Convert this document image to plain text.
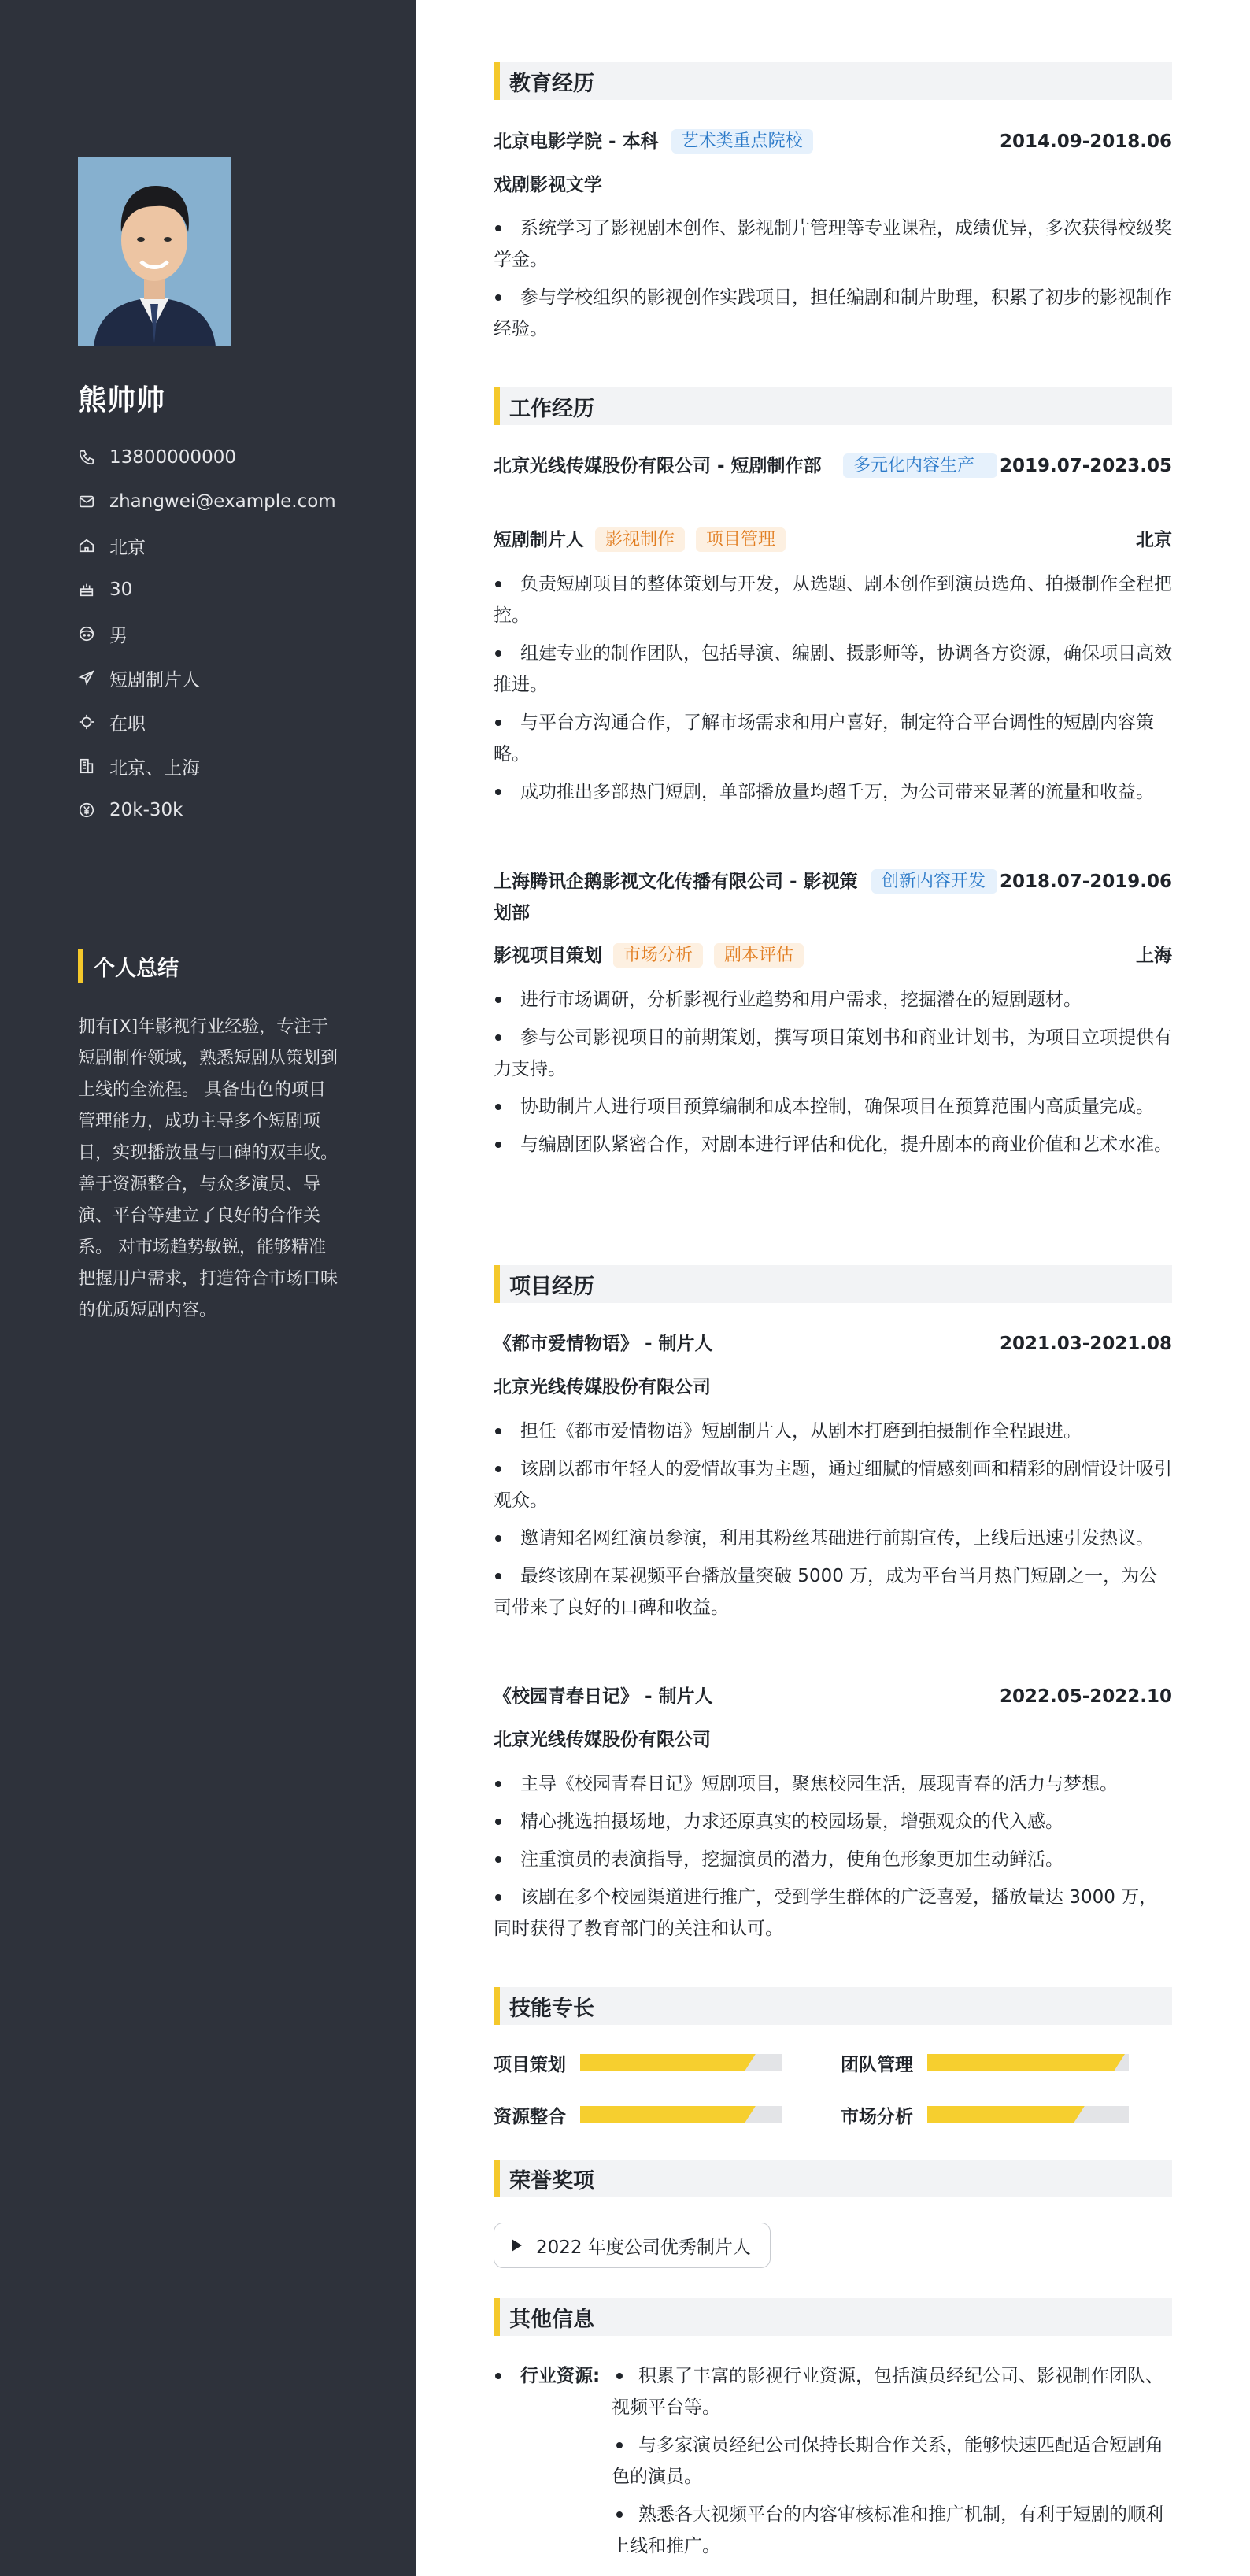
熊帅帅
13800000000
zhangwei@example.com
北京
30
男
短剧制片人
在职
北京、上海
20k-30k
个人总结

拥有[X]年影视行业经验，专注于短剧制作领域，熟悉短剧从策划到上线的全流程。 具备出色的项目管理能力，成功主导多个短剧项目，实现播放量与口碑的双丰收。 善于资源整合，与众多演员、导演、平台等建立了良好的合作关系。 对市场趋势敏锐，能够精准把握用户需求，打造符合市场口味的优质短剧内容。

教育经历
北京电影学院 - 本科	艺术类重点院校	2014.09-2018.06
戏剧影视文学
系统学习了影视剧本创作、影视制片管理等专业课程，成绩优异，多次获得校级奖学金。
参与学校组织的影视创作实践项目，担任编剧和制片助理，积累了初步的影视制作经验。
工作经历
北京光线传媒股份有限公司 - 短剧制作部	多元化内容生产	2019.07-2023.05
短剧制片人	影视制作	项目管理	北京
负责短剧项目的整体策划与开发，从选题、剧本创作到演员选角、拍摄制作全程把控。
组建专业的制作团队，包括导演、编剧、摄影师等，协调各方资源，确保项目高效推进。
与平台方沟通合作，了解市场需求和用户喜好，制定符合平台调性的短剧内容策略。
成功推出多部热门短剧，单部播放量均超千万，为公司带来显著的流量和收益。
上海腾讯企鹅影视文化传播有限公司 - 影视策划部
创新内容开发 2018.07-2019.06
影视项目策划	市场分析	剧本评估	上海
进行市场调研，分析影视行业趋势和用户需求，挖掘潜在的短剧题材。
参与公司影视项目的前期策划，撰写项目策划书和商业计划书，为项目立项提供有力支持。
协助制片人进行项目预算编制和成本控制，确保项目在预算范围内高质量完成。
与编剧团队紧密合作，对剧本进行评估和优化，提升剧本的商业价值和艺术水准。
项目经历
《都市爱情物语》 - 制片人	2021.03-2021.08
北京光线传媒股份有限公司
担任《都市爱情物语》短剧制片人，从剧本打磨到拍摄制作全程跟进。
该剧以都市年轻人的爱情故事为主题，通过细腻的情感刻画和精彩的剧情设计吸引观众。
邀请知名网红演员参演，利用其粉丝基础进行前期宣传，上线后迅速引发热议。
最终该剧在某视频平台播放量突破 5000 万，成为平台当月热门短剧之一，为公司带来了良好的口碑和收益。
《校园青春日记》 - 制片人	2022.05-2022.10
北京光线传媒股份有限公司
主导《校园青春日记》短剧项目，聚焦校园生活，展现青春的活力与梦想。
精心挑选拍摄场地，力求还原真实的校园场景，增强观众的代入感。
注重演员的表演指导，挖掘演员的潜力，使角色形象更加生动鲜活。
该剧在多个校园渠道进行推广，受到学生群体的广泛喜爱，播放量达 3000 万，同时获得了教育部门的关注和认可。
技能专长
项目策划	团队管理
资源整合	市场分析
荣誉奖项
2022 年度公司优秀制片人
其他信息
行业资源:	积累了丰富的影视行业资源，包括演员经纪公司、影视制作团队、视频平台等。
与多家演员经纪公司保持长期合作关系，能够快速匹配适合短剧角色的演员。
熟悉各大视频平台的内容审核标准和推广机制，有利于短剧的顺利上线和推广。
